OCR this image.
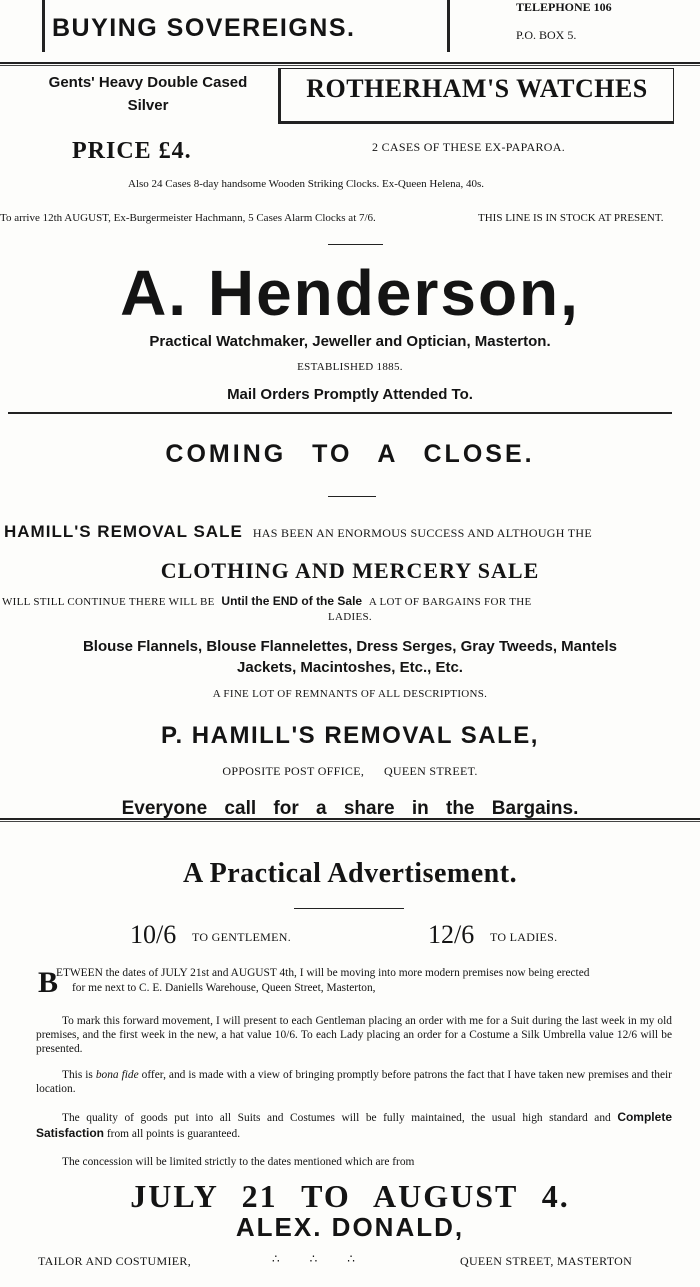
BUYING SOVEREIGNS.
TELEPHONE 106
P.O. BOX 5.
Gents' Heavy Double Cased
Silver
ROTHERHAM'S WATCHES
PRICE £4.	2 CASES OF THESE EX-PAPAROA.
Also 24 Cases 8-day handsome Wooden Striking Clocks. Ex-Queen Helena, 40s.
To arrive 12th AUGUST, Ex-Burgermeister Hachmann, 5 Cases Alarm Clocks at 7/6.	THIS LINE IS IN STOCK AT PRESENT.
A. Henderson,
Practical Watchmaker, Jeweller and Optician, Masterton.
ESTABLISHED 1885.
Mail Orders Promptly Attended To.
COMING TO A CLOSE.
HAMILL'S REMOVAL SALE HAS BEEN AN ENORMOUS SUCCESS AND ALTHOUGH THE
CLOTHING AND MERCERY SALE
WILL STILL CONTINUE THERE WILL BE Until the END of the Sale A LOT OF BARGAINS FOR THE
LADIES.
Blouse Flannels, Blouse Flannelettes, Dress Serges, Gray Tweeds, Mantels
Jackets, Macintoshes, Etc., Etc.
A FINE LOT OF REMNANTS OF ALL DESCRIPTIONS.
P. HAMILL'S REMOVAL SALE,
OPPOSITE POST OFFICE,      QUEEN STREET.
Everyone call for a share in the Bargains.
A Practical Advertisement.
10/6 TO GENTLEMEN.	12/6 TO LADIES.
B
ETWEEN the dates of JULY 21st and AUGUST 4th, I will be moving into more modern premises now being erected
for me next to C. E. Daniells Warehouse, Queen Street, Masterton,
To mark this forward movement, I will present to each Gentleman placing an order with me for a Suit during the last week in my old premises, and the first week in the new, a hat value 10/6. To each Lady placing an order for a Costume a Silk Umbrella value 12/6 will be presented.
This is bona fide offer, and is made with a view of bringing promptly before patrons the fact that I have taken new premises and their location.
The quality of goods put into all Suits and Costumes will be fully maintained, the usual high standard and Complete Satisfaction from all points is guaranteed.
The concession will be limited strictly to the dates mentioned which are from
JULY 21 TO AUGUST 4.
ALEX. DONALD,
TAILOR AND COSTUMIER,	∴          ∴          ∴	QUEEN STREET, MASTERTON
